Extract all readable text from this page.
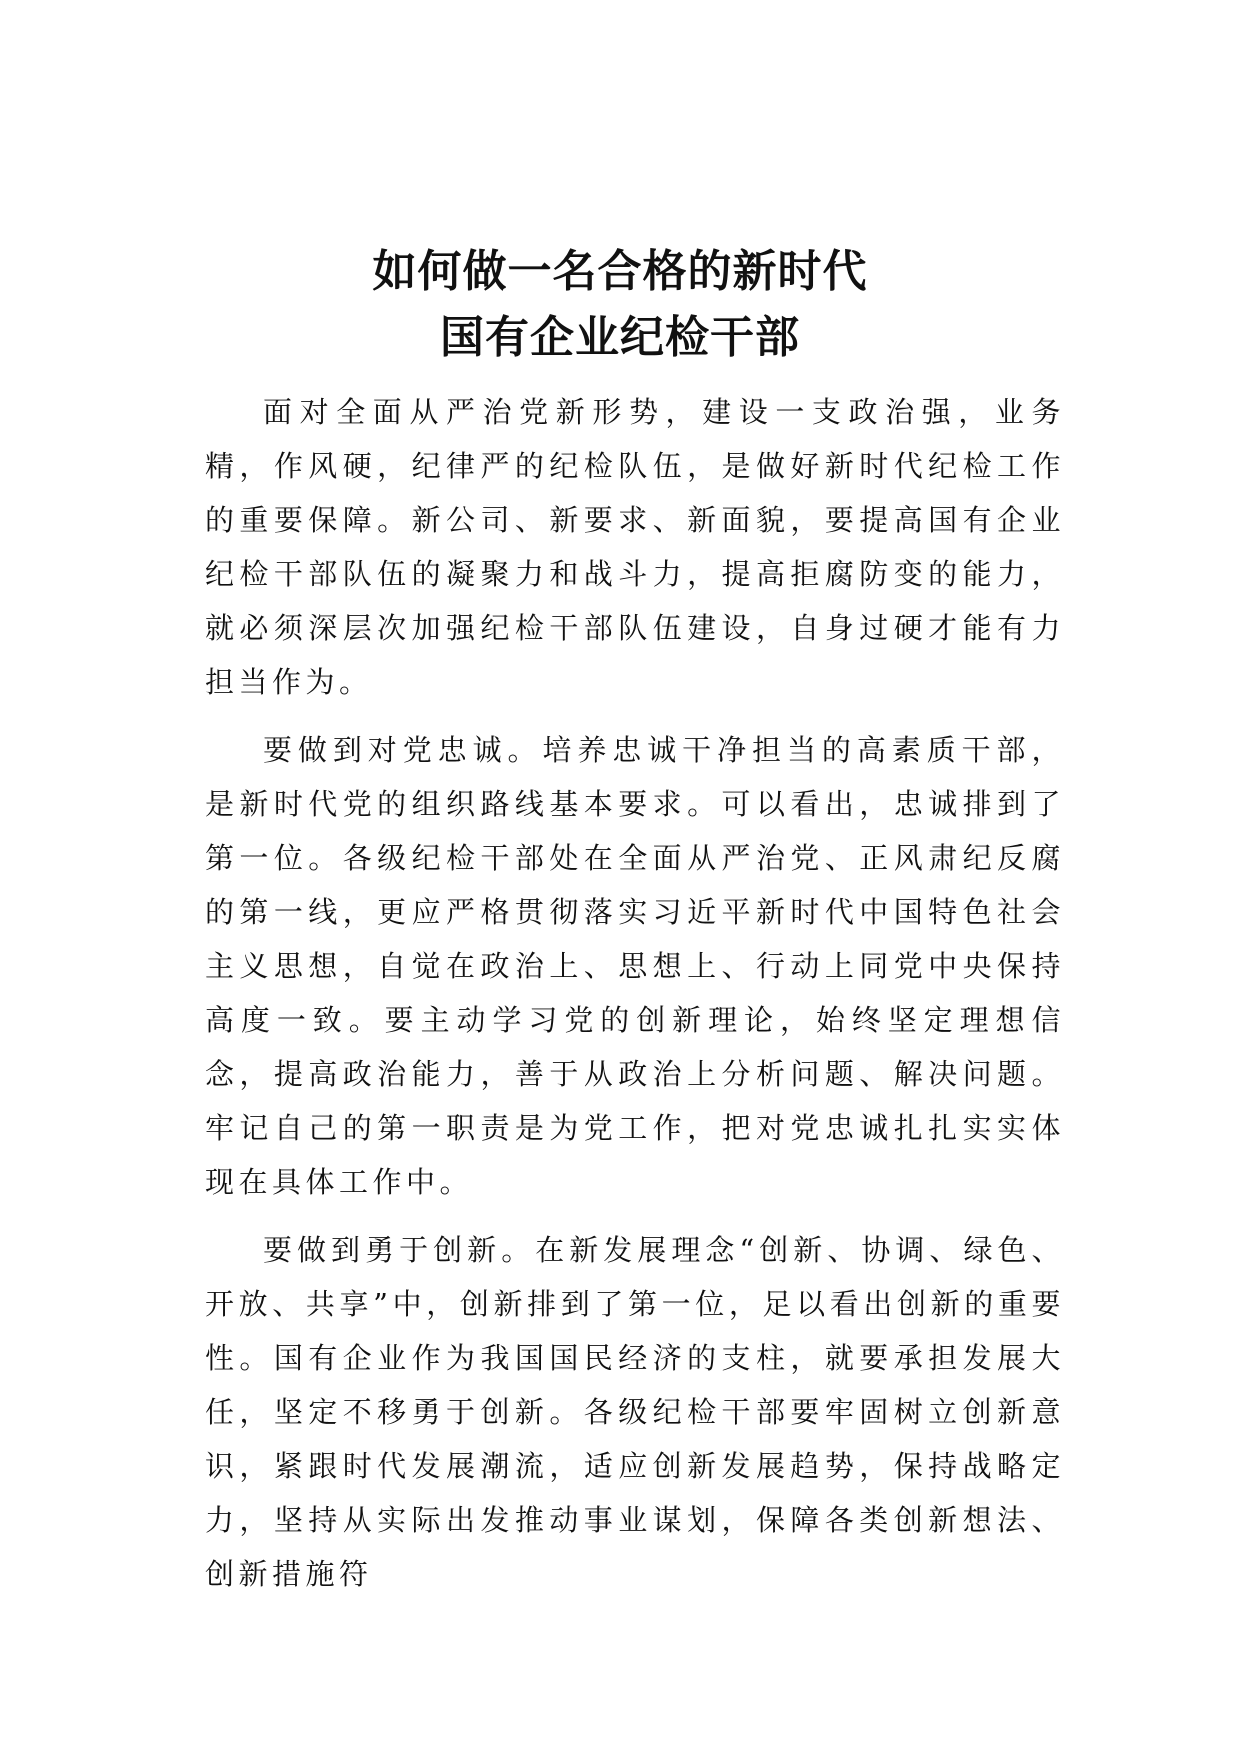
如何做一名合格的新时代
国有企业纪检干部

面对全面从严治党新形势，建设一支政治强，业务精，作风硬，纪律严的纪检队伍，是做好新时代纪检工作的重要保障。新公司、新要求、新面貌，要提高国有企业纪检干部队伍的凝聚力和战斗力，提高拒腐防变的能力，就必须深层次加强纪检干部队伍建设，自身过硬才能有力担当作为。

要做到对党忠诚。培养忠诚干净担当的高素质干部，是新时代党的组织路线基本要求。可以看出，忠诚排到了第一位。各级纪检干部处在全面从严治党、正风肃纪反腐的第一线，更应严格贯彻落实习近平新时代中国特色社会主义思想，自觉在政治上、思想上、行动上同党中央保持高度一致。要主动学习党的创新理论，始终坚定理想信念，提高政治能力，善于从政治上分析问题、解决问题。牢记自己的第一职责是为党工作，把对党忠诚扎扎实实体现在具体工作中。

要做到勇于创新。在新发展理念“创新、协调、绿色、开放、共享”中，创新排到了第一位，足以看出创新的重要性。国有企业作为我国国民经济的支柱，就要承担发展大任，坚定不移勇于创新。各级纪检干部要牢固树立创新意识，紧跟时代发展潮流，适应创新发展趋势，保持战略定力，坚持从实际出发推动事业谋划，保障各类创新想法、创新措施符
